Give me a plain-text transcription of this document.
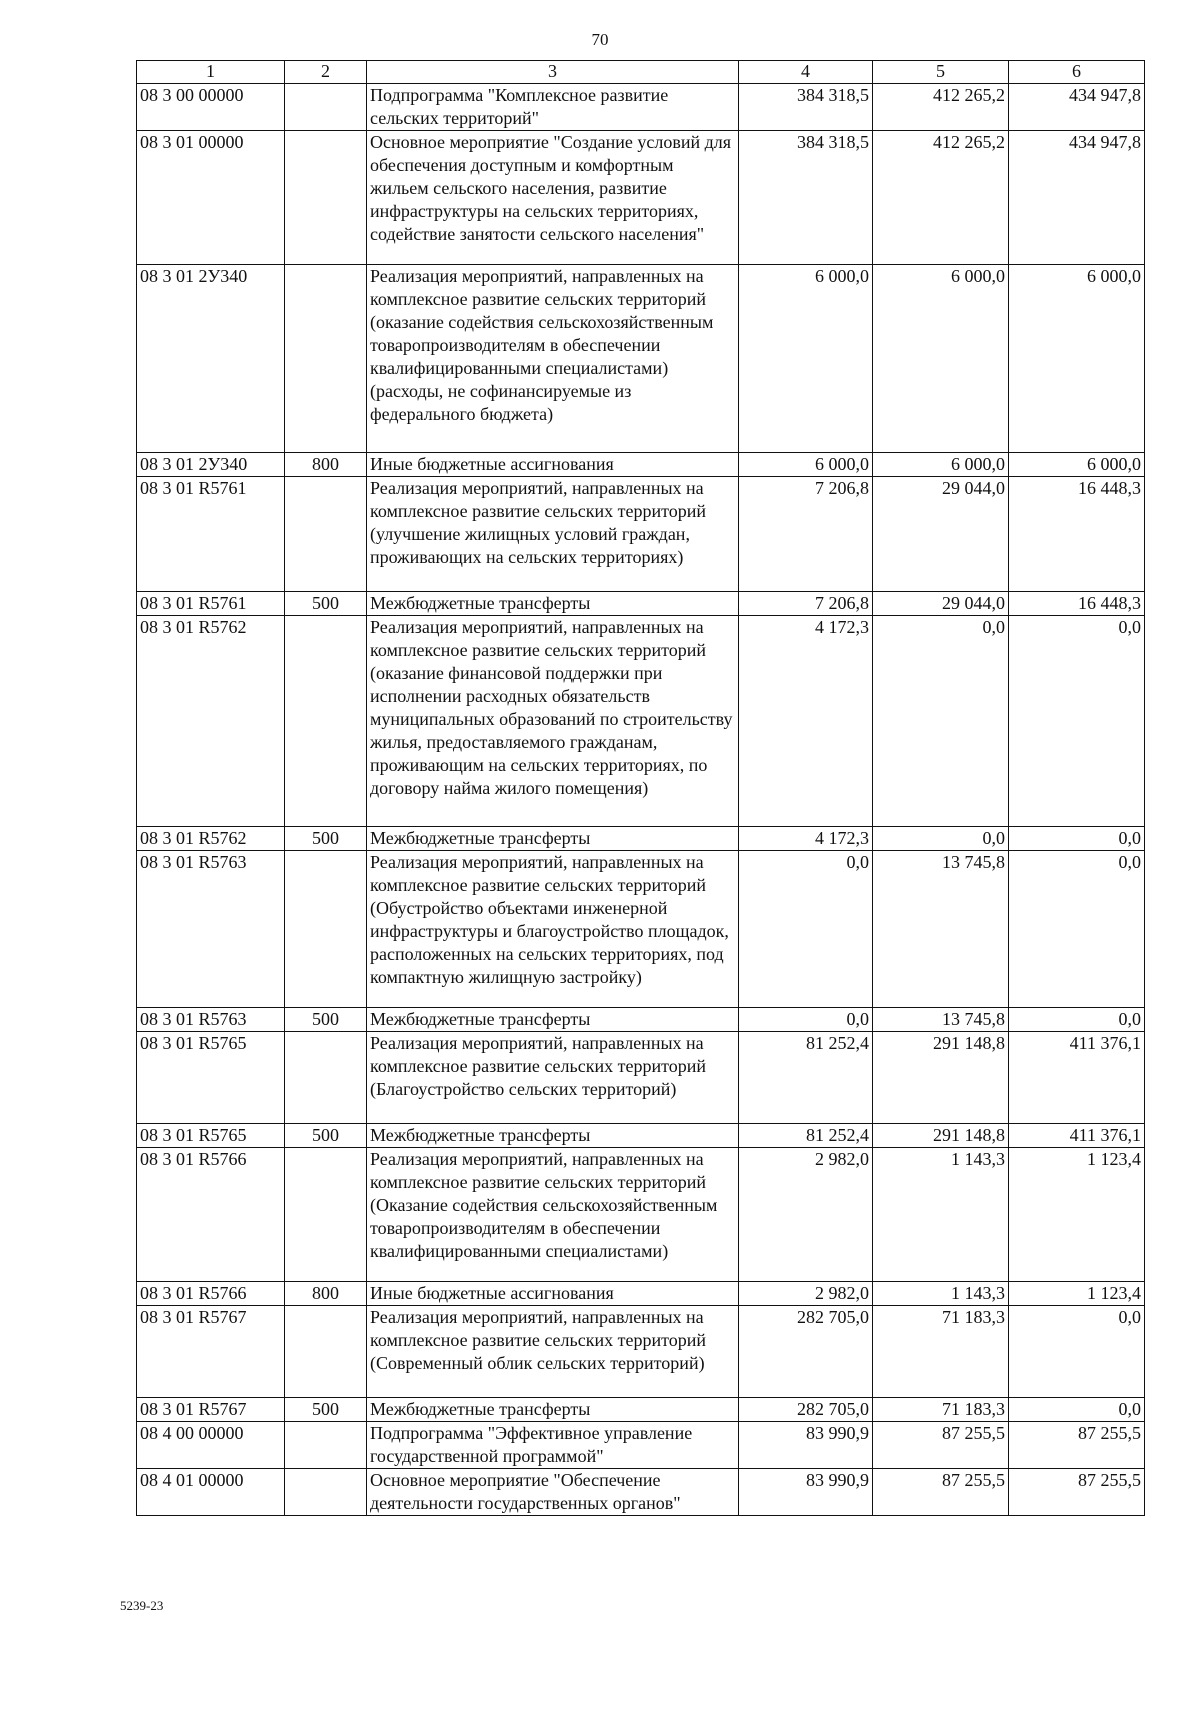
70
1	2	3	4	5	6
08 3 00 00000		Подпрограмма "Комплексное развитие сельских территорий"	384 318,5	412 265,2	434 947,8
08 3 01 00000		Основное мероприятие "Создание условий для обеспечения доступным и комфортным жильем сельского населения, развитие инфраструктуры на сельских территориях, содействие занятости сельского населения"	384 318,5	412 265,2	434 947,8
08 3 01 2У340		Реализация мероприятий, направленных на комплексное развитие сельских территорий (оказание содействия сельскохозяйственным товаропроизводителям в обеспечении квалифицированными специалистами) (расходы, не софинансируемые из федерального бюджета)	6 000,0	6 000,0	6 000,0
08 3 01 2У340	800	Иные бюджетные ассигнования	6 000,0	6 000,0	6 000,0
08 3 01 R5761		Реализация мероприятий, направленных на комплексное развитие сельских территорий (улучшение жилищных условий граждан, проживающих на сельских территориях)	7 206,8	29 044,0	16 448,3
08 3 01 R5761	500	Межбюджетные трансферты	7 206,8	29 044,0	16 448,3
08 3 01 R5762		Реализация мероприятий, направленных на комплексное развитие сельских территорий (оказание финансовой поддержки при исполнении расходных обязательств муниципальных образований по строительству жилья, предоставляемого гражданам, проживающим на сельских территориях, по договору найма жилого помещения)	4 172,3	0,0	0,0
08 3 01 R5762	500	Межбюджетные трансферты	4 172,3	0,0	0,0
08 3 01 R5763		Реализация мероприятий, направленных на комплексное развитие сельских территорий (Обустройство объектами инженерной инфраструктуры и благоустройство площадок, расположенных на сельских территориях, под компактную жилищную застройку)	0,0	13 745,8	0,0
08 3 01 R5763	500	Межбюджетные трансферты	0,0	13 745,8	0,0
08 3 01 R5765		Реализация мероприятий, направленных на комплексное развитие сельских территорий (Благоустройство сельских территорий)	81 252,4	291 148,8	411 376,1
08 3 01 R5765	500	Межбюджетные трансферты	81 252,4	291 148,8	411 376,1
08 3 01 R5766		Реализация мероприятий, направленных на комплексное развитие сельских территорий (Оказание содействия сельскохозяйственным товаропроизводителям в обеспечении квалифицированными специалистами)	2 982,0	1 143,3	1 123,4
08 3 01 R5766	800	Иные бюджетные ассигнования	2 982,0	1 143,3	1 123,4
08 3 01 R5767		Реализация мероприятий, направленных на комплексное развитие сельских территорий (Современный облик сельских территорий)	282 705,0	71 183,3	0,0
08 3 01 R5767	500	Межбюджетные трансферты	282 705,0	71 183,3	0,0
08 4 00 00000		Подпрограмма "Эффективное управление государственной программой"	83 990,9	87 255,5	87 255,5
08 4 01 00000		Основное мероприятие "Обеспечение деятельности государственных органов"	83 990,9	87 255,5	87 255,5
5239-23
